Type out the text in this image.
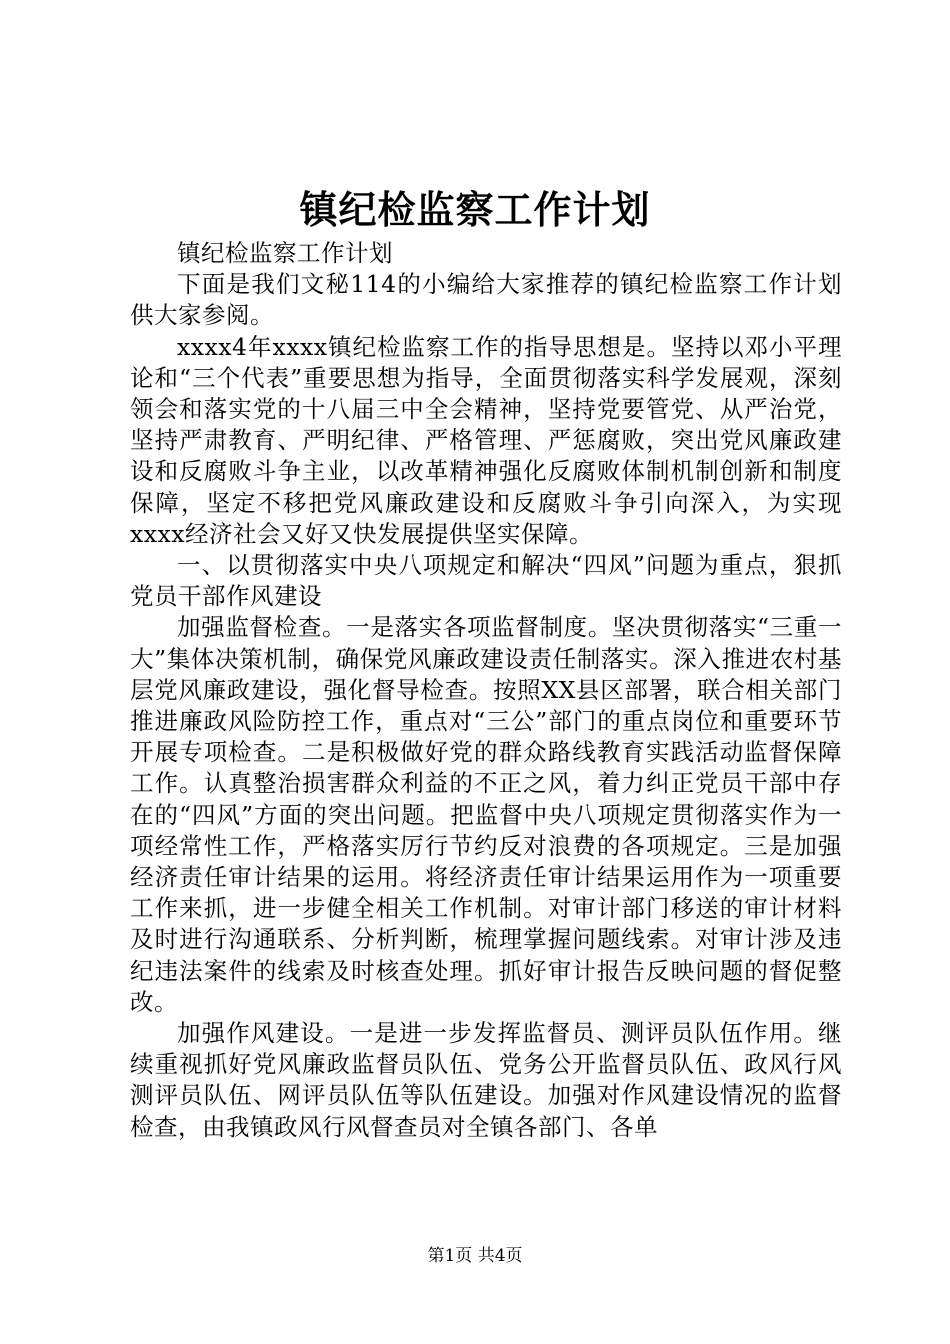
镇纪检监察工作计划

镇纪检监察工作计划

下面是我们文秘114的小编给大家推荐的镇纪检监察工作计划供大家参阅。

xxxx4年xxxx镇纪检监察工作的指导思想是。坚持以邓小平理论和“三个代表”重要思想为指导，全面贯彻落实科学发展观，深刻领会和落实党的十八届三中全会精神，坚持党要管党、从严治党，坚持严肃教育、严明纪律、严格管理、严惩腐败，突出党风廉政建设和反腐败斗争主业，以改革精神强化反腐败体制机制创新和制度保障，坚定不移把党风廉政建设和反腐败斗争引向深入，为实现xxxx经济社会又好又快发展提供坚实保障。

一、以贯彻落实中央八项规定和解决“四风”问题为重点，狠抓党员干部作风建设

加强监督检查。一是落实各项监督制度。坚决贯彻落实“三重一大”集体决策机制，确保党风廉政建设责任制落实。深入推进农村基层党风廉政建设，强化督导检查。按照XX县区部署，联合相关部门推进廉政风险防控工作，重点对“三公”部门的重点岗位和重要环节开展专项检查。二是积极做好党的群众路线教育实践活动监督保障工作。认真整治损害群众利益的不正之风，着力纠正党员干部中存在的“四风”方面的突出问题。把监督中央八项规定贯彻落实作为一项经常性工作，严格落实厉行节约反对浪费的各项规定。三是加强经济责任审计结果的运用。将经济责任审计结果运用作为一项重要工作来抓，进一步健全相关工作机制。对审计部门移送的审计材料及时进行沟通联系、分析判断，梳理掌握问题线索。对审计涉及违纪违法案件的线索及时核查处理。抓好审计报告反映问题的督促整改。

加强作风建设。一是进一步发挥监督员、测评员队伍作用。继续重视抓好党风廉政监督员队伍、党务公开监督员队伍、政风行风测评员队伍、网评员队伍等队伍建设。加强对作风建设情况的监督检查，由我镇政风行风督查员对全镇各部门、各单

第1页 共4页
